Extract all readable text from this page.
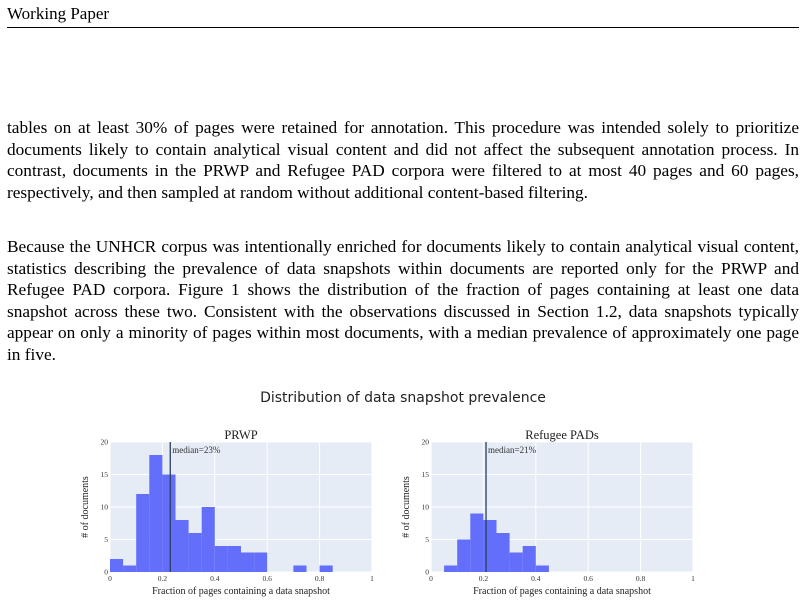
Working Paper

tables on at least 30% of pages were retained for annotation. This procedure was intended solely to prioritize documents likely to contain analytical visual content and did not affect the subsequent annotation process. In contrast, documents in the PRWP and Refugee PAD corpora were filtered to at most 40 pages and 60 pages, respectively, and then sampled at random without additional content-based filtering.

Because the UNHCR corpus was intentionally enriched for documents likely to contain analytical visual content, statistics describing the prevalence of data snapshots within documents are reported only for the PRWP and Refugee PAD corpora. Figure 1 shows the distribution of the fraction of pages containing at least one data snapshot across these two. Consistent with the observations discussed in Section 1.2, data snapshots typically appear on only a minority of pages within most documents, with a median prevalence of approximately one page in five.

Distribution of data snapshot prevalence
median=23%
0
5
10
15
20
0	0.2	0.4	0.6	0.8	1
PRWP
Fraction of pages containing a data snapshot
# of documents
median=21%
0
5
10
15
20
0	0.2	0.4	0.6	0.8	1
Refugee PADs
Fraction of pages containing a data snapshot
# of documents
